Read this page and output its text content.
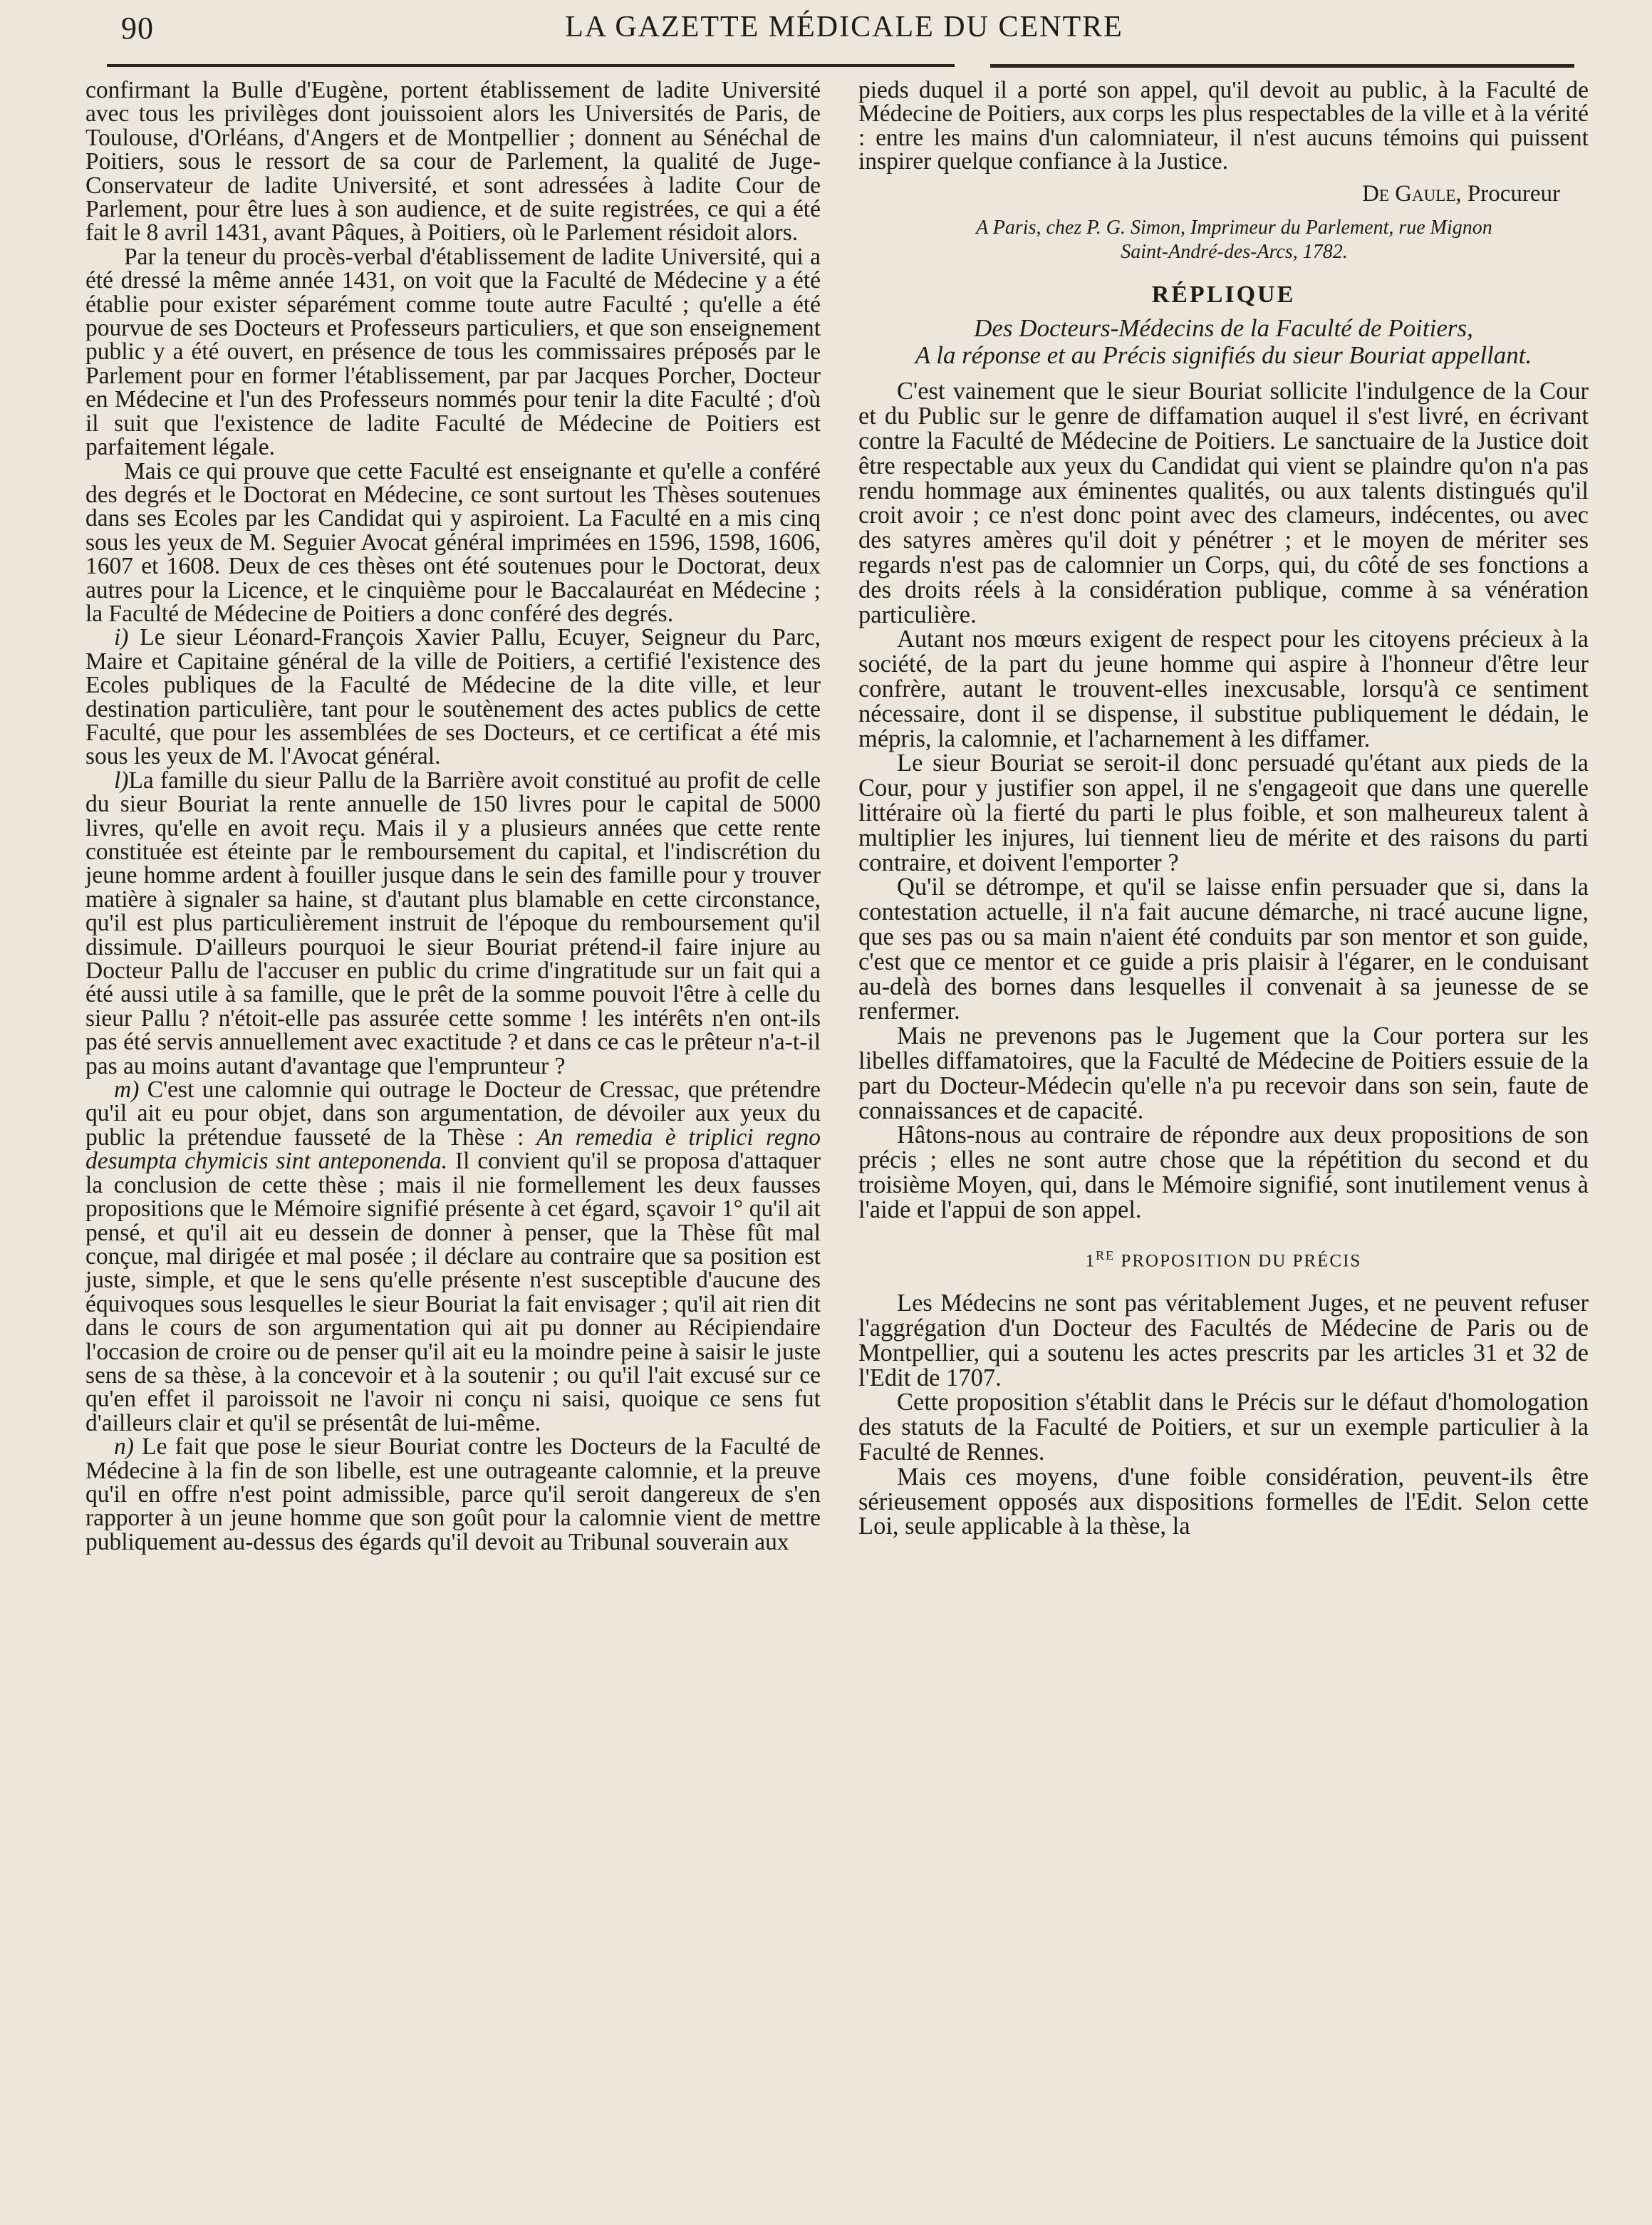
90	LA GAZETTE MÉDICALE DU CENTRE

confirmant la Bulle d'Eugène, portent établissement de ladite Université avec tous les privilèges dont jouissoient alors les Universités de Paris, de Toulouse, d'Orléans, d'Angers et de Montpellier ; donnent au Sénéchal de Poitiers, sous le ressort de sa cour de Parlement, la qualité de Juge-Conservateur de ladite Université, et sont adressées à ladite Cour de Parlement, pour être lues à son audience, et de suite registrées, ce qui a été fait le 8 avril 1431, avant Pâques, à Poitiers, où le Parlement résidoit alors.

Par la teneur du procès-verbal d'établissement de ladite Université, qui a été dressé la même année 1431, on voit que la Faculté de Médecine y a été établie pour exister séparément comme toute autre Faculté ; qu'elle a été pourvue de ses Docteurs et Professeurs particuliers, et que son enseignement public y a été ouvert, en présence de tous les commissaires préposés par le Parlement pour en former l'établissement, par par Jacques Porcher, Docteur en Médecine et l'un des Professeurs nommés pour tenir la dite Faculté ; d'où il suit que l'existence de ladite Faculté de Médecine de Poitiers est parfaitement légale.

Mais ce qui prouve que cette Faculté est enseignante et qu'elle a conféré des degrés et le Doctorat en Médecine, ce sont surtout les Thèses soutenues dans ses Ecoles par les Candidat qui y aspiroient. La Faculté en a mis cinq sous les yeux de M. Seguier Avocat général imprimées en 1596, 1598, 1606, 1607 et 1608. Deux de ces thèses ont été soutenues pour le Doctorat, deux autres pour la Licence, et le cinquième pour le Baccalauréat en Médecine ; la Faculté de Médecine de Poitiers a donc conféré des degrés.

i) Le sieur Léonard-François Xavier Pallu, Ecuyer, Seigneur du Parc, Maire et Capitaine général de la ville de Poitiers, a certifié l'existence des Ecoles publiques de la Faculté de Médecine de la dite ville, et leur destination particulière, tant pour le soutènement des actes publics de cette Faculté, que pour les assemblées de ses Docteurs, et ce certificat a été mis sous les yeux de M. l'Avocat général.

l)La famille du sieur Pallu de la Barrière avoit constitué au profit de celle du sieur Bouriat la rente annuelle de 150 livres pour le capital de 5000 livres, qu'elle en avoit reçu. Mais il y a plusieurs années que cette rente constituée est éteinte par le remboursement du capital, et l'indiscrétion du jeune homme ardent à fouiller jusque dans le sein des famille pour y trouver matière à signaler sa haine, st d'autant plus blamable en cette circonstance, qu'il est plus particulièrement instruit de l'époque du remboursement qu'il dissimule. D'ailleurs pourquoi le sieur Bouriat prétend-il faire injure au Docteur Pallu de l'accuser en public du crime d'ingratitude sur un fait qui a été aussi utile à sa famille, que le prêt de la somme pouvoit l'être à celle du sieur Pallu ? n'étoit-elle pas assurée cette somme ! les intérêts n'en ont-ils pas été servis annuellement avec exactitude ? et dans ce cas le prêteur n'a-t-il pas au moins autant d'avantage que l'emprunteur ?

m) C'est une calomnie qui outrage le Docteur de Cressac, que prétendre qu'il ait eu pour objet, dans son argumentation, de dévoiler aux yeux du public la prétendue fausseté de la Thèse : An remedia è triplici regno desumpta chymicis sint anteponenda. Il convient qu'il se proposa d'attaquer la conclusion de cette thèse ; mais il nie formellement les deux fausses propositions que le Mémoire signifié présente à cet égard, sçavoir 1° qu'il ait pensé, et qu'il ait eu dessein de donner à penser, que la Thèse fût mal conçue, mal dirigée et mal posée ; il déclare au contraire que sa position est juste, simple, et que le sens qu'elle présente n'est susceptible d'aucune des équivoques sous lesquelles le sieur Bouriat la fait envisager ; qu'il ait rien dit dans le cours de son argumentation qui ait pu donner au Récipiendaire l'occasion de croire ou de penser qu'il ait eu la moindre peine à saisir le juste sens de sa thèse, à la concevoir et à la soutenir ; ou qu'il l'ait excusé sur ce qu'en effet il paroissoit ne l'avoir ni conçu ni saisi, quoique ce sens fut d'ailleurs clair et qu'il se présentât de lui-même.

n) Le fait que pose le sieur Bouriat contre les Docteurs de la Faculté de Médecine à la fin de son libelle, est une outrageante calomnie, et la preuve qu'il en offre n'est point admissible, parce qu'il seroit dangereux de s'en rapporter à un jeune homme que son goût pour la calomnie vient de mettre publiquement au-dessus des égards qu'il devoit au Tribunal souverain aux

pieds duquel il a porté son appel, qu'il devoit au public, à la Faculté de Médecine de Poitiers, aux corps les plus respectables de la ville et à la vérité : entre les mains d'un calomniateur, il n'est aucuns témoins qui puissent inspirer quelque confiance à la Justice.

De Gaule, Procureur
A Paris, chez P. G. Simon, Imprimeur du Parlement, rue Mignon
Saint-André-des-Arcs, 1782.
RÉPLIQUE
Des Docteurs-Médecins de la Faculté de Poitiers,
A la réponse et au Précis signifiés du sieur Bouriat appellant.

C'est vainement que le sieur Bouriat sollicite l'indulgence de la Cour et du Public sur le genre de diffamation auquel il s'est livré, en écrivant contre la Faculté de Médecine de Poitiers. Le sanctuaire de la Justice doit être respectable aux yeux du Candidat qui vient se plaindre qu'on n'a pas rendu hommage aux éminentes qualités, ou aux talents distingués qu'il croit avoir ; ce n'est donc point avec des clameurs, indécentes, ou avec des satyres amères qu'il doit y pénétrer ; et le moyen de mériter ses regards n'est pas de calomnier un Corps, qui, du côté de ses fonctions a des droits réels à la considération publique, comme à sa vénération particulière.

Autant nos mœurs exigent de respect pour les citoyens précieux à la société, de la part du jeune homme qui aspire à l'honneur d'être leur confrère, autant le trouvent-elles inexcusable, lorsqu'à ce sentiment nécessaire, dont il se dispense, il substitue publiquement le dédain, le mépris, la calomnie, et l'acharnement à les diffamer.

Le sieur Bouriat se seroit-il donc persuadé qu'étant aux pieds de la Cour, pour y justifier son appel, il ne s'engageoit que dans une querelle littéraire où la fierté du parti le plus foible, et son malheureux talent à multiplier les injures, lui tiennent lieu de mérite et des raisons du parti contraire, et doivent l'emporter ?

Qu'il se détrompe, et qu'il se laisse enfin persuader que si, dans la contestation actuelle, il n'a fait aucune démarche, ni tracé aucune ligne, que ses pas ou sa main n'aient été conduits par son mentor et son guide, c'est que ce mentor et ce guide a pris plaisir à l'égarer, en le conduisant au-delà des bornes dans lesquelles il convenait à sa jeunesse de se renfermer.

Mais ne prevenons pas le Jugement que la Cour portera sur les libelles diffamatoires, que la Faculté de Médecine de Poitiers essuie de la part du Docteur-Médecin qu'elle n'a pu recevoir dans son sein, faute de connaissances et de capacité.

Hâtons-nous au contraire de répondre aux deux propositions de son précis ; elles ne sont autre chose que la répétition du second et du troisième Moyen, qui, dans le Mémoire signifié, sont inutilement venus à l'aide et l'appui de son appel.

1RE PROPOSITION DU PRÉCIS

Les Médecins ne sont pas véritablement Juges, et ne peuvent refuser l'aggrégation d'un Docteur des Facultés de Médecine de Paris ou de Montpellier, qui a soutenu les actes prescrits par les articles 31 et 32 de l'Edit de 1707.

Cette proposition s'établit dans le Précis sur le défaut d'homologation des statuts de la Faculté de Poitiers, et sur un exemple particulier à la Faculté de Rennes.

Mais ces moyens, d'une foible considération, peuvent-ils être sérieusement opposés aux dispositions formelles de l'Edit. Selon cette Loi, seule applicable à la thèse, la
